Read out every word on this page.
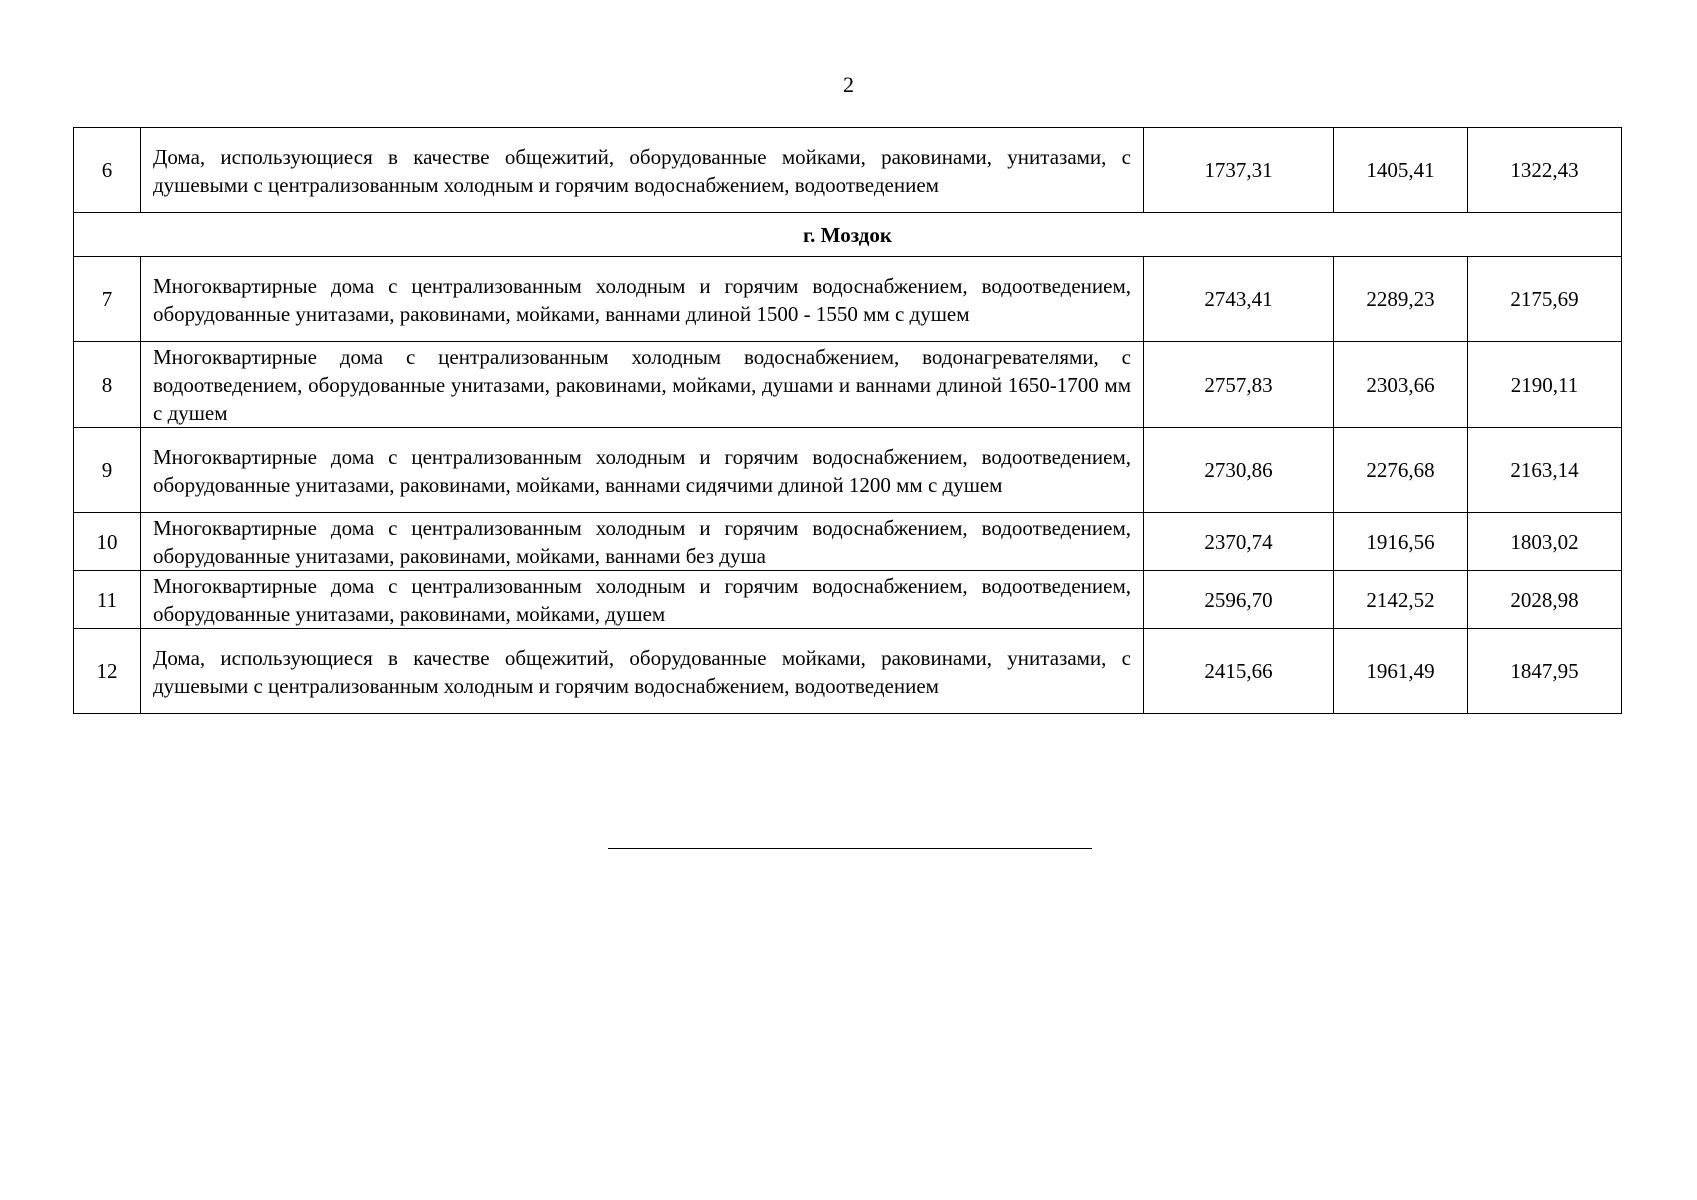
2
6	Дома, использующиеся в качестве общежитий, оборудованные мойками, раковинами, унитазами, с душевыми с централизованным холодным и горячим водоснабжением, водоотведением	1737,31	1405,41	1322,43
г. Моздок				
7	Многоквартирные дома с централизованным холодным и горячим водоснабжением, водоотведением, оборудованные унитазами, раковинами, мойками, ваннами длиной 1500 - 1550 мм с душем	2743,41	2289,23	2175,69
8	Многоквартирные дома с централизованным холодным водоснабжением, водонагревателями, с водоотведением, оборудованные унитазами, раковинами, мойками, душами и ваннами длиной 1650-1700 мм с душем	2757,83	2303,66	2190,11
9	Многоквартирные дома с централизованным холодным и горячим водоснабжением, водоотведением, оборудованные унитазами, раковинами, мойками, ваннами сидячими длиной 1200 мм с душем	2730,86	2276,68	2163,14
10	Многоквартирные дома с централизованным холодным и горячим водоснабжением, водоотведением, оборудованные унитазами, раковинами, мойками, ваннами без душа	2370,74	1916,56	1803,02
11	Многоквартирные дома с централизованным холодным и горячим водоснабжением, водоотведением, оборудованные унитазами, раковинами, мойками, душем	2596,70	2142,52	2028,98
12	Дома, использующиеся в качестве общежитий, оборудованные мойками, раковинами, унитазами, с душевыми с централизованным холодным и горячим водоснабжением, водоотведением	2415,66	1961,49	1847,95
